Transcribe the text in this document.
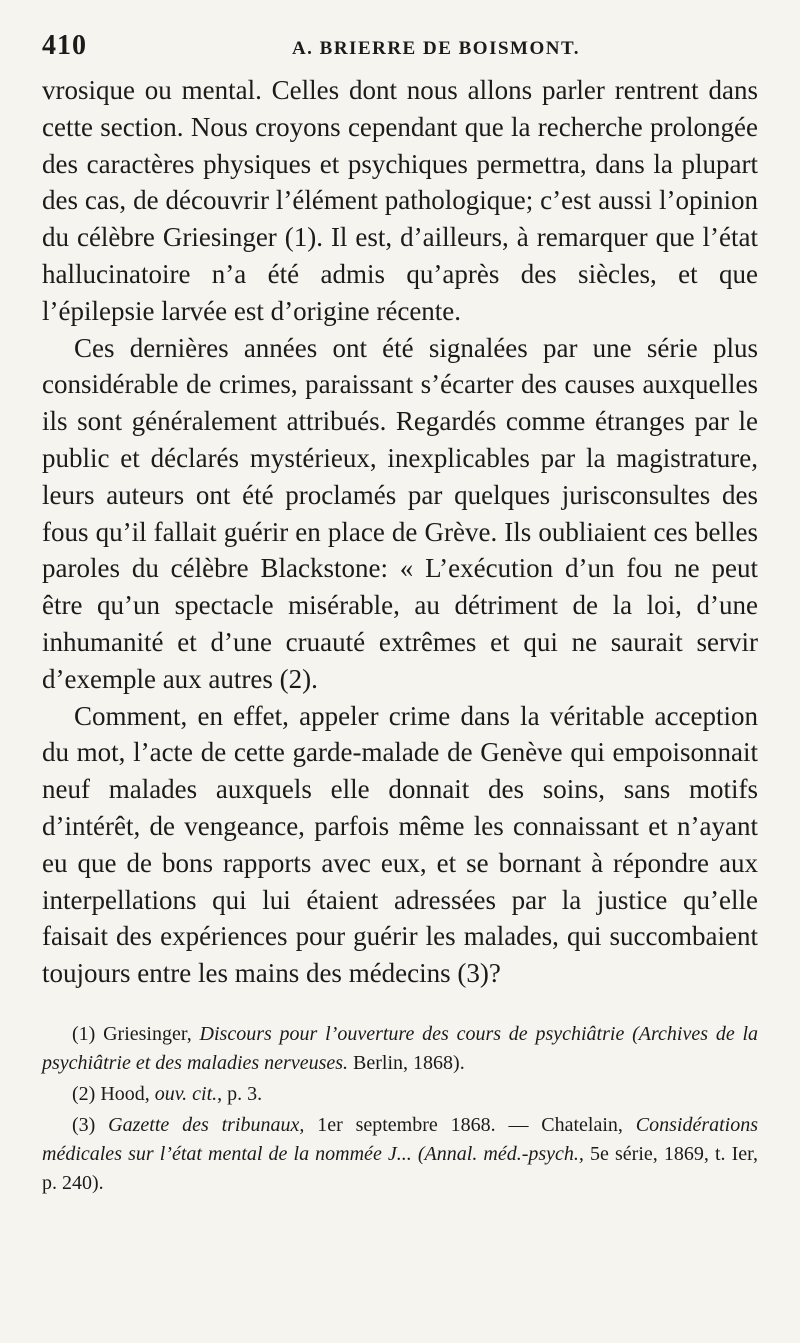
410	A. BRIERRE DE BOISMONT.

vrosique ou mental. Celles dont nous allons parler rentrent dans cette section. Nous croyons cependant que la recherche prolongée des caractères physiques et psychiques permettra, dans la plupart des cas, de découvrir l’élément pathologique; c’est aussi l’opinion du célèbre Griesinger (1). Il est, d’ailleurs, à remarquer que l’état hallucinatoire n’a été admis qu’après des siècles, et que l’épilepsie larvée est d’origine récente.

Ces dernières années ont été signalées par une série plus considérable de crimes, paraissant s’écarter des causes auxquelles ils sont généralement attribués. Regardés comme étranges par le public et déclarés mystérieux, inexplicables par la magistrature, leurs auteurs ont été proclamés par quelques jurisconsultes des fous qu’il fallait guérir en place de Grève. Ils oubliaient ces belles paroles du célèbre Blackstone: « L’exécution d’un fou ne peut être qu’un spectacle misérable, au détriment de la loi, d’une inhumanité et d’une cruauté extrêmes et qui ne saurait servir d’exemple aux autres (2).

Comment, en effet, appeler crime dans la véritable acception du mot, l’acte de cette garde-malade de Genève qui empoisonnait neuf malades auxquels elle donnait des soins, sans motifs d’intérêt, de vengeance, parfois même les connaissant et n’ayant eu que de bons rapports avec eux, et se bornant à répondre aux interpellations qui lui étaient adressées par la justice qu’elle faisait des expériences pour guérir les malades, qui succombaient toujours entre les mains des médecins (3)?

(1) Griesinger, Discours pour l’ouverture des cours de psychiâtrie (Archives de la psychiâtrie et des maladies nerveuses. Berlin, 1868).

(2) Hood, ouv. cit., p. 3.

(3) Gazette des tribunaux, 1er septembre 1868. — Chatelain, Considérations médicales sur l’état mental de la nommée J... (Annal. méd.-psych., 5e série, 1869, t. Ier, p. 240).
